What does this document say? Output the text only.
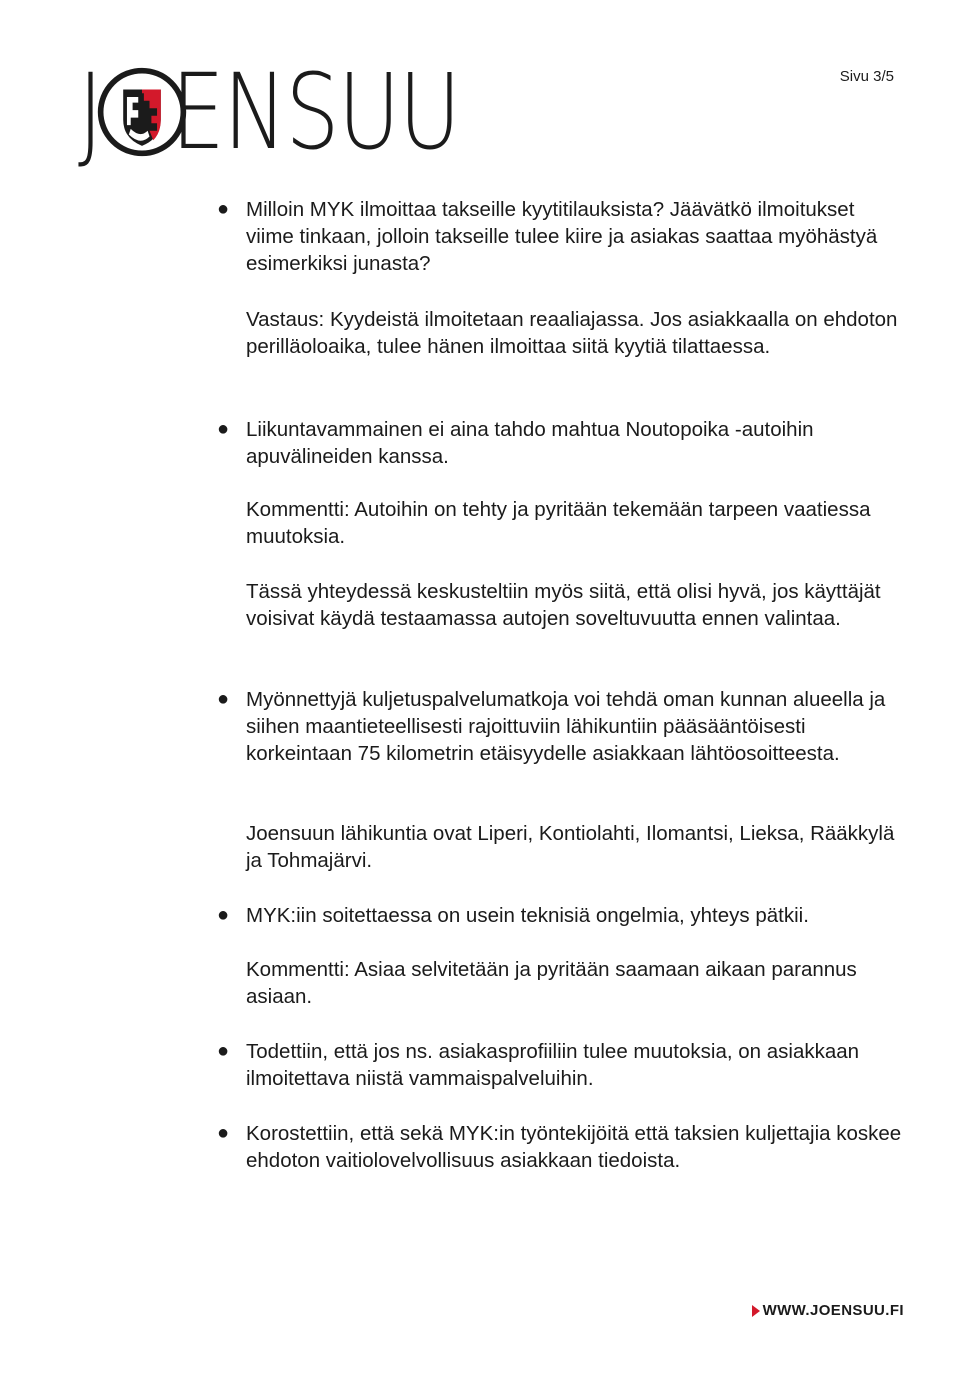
J ENSUU	Sivu 3/5
● Milloin MYK ilmoittaa takseille kyytitilauksista? Jäävätkö ilmoitukset viime tinkaan, jolloin takseille tulee kiire ja asiakas saattaa myöhästyä esimerkiksi junasta?
Vastaus: Kyydeistä ilmoitetaan reaaliajassa. Jos asiakkaalla on ehdoton perilläoloaika, tulee hänen ilmoittaa siitä kyytiä tilattaessa.
● Liikuntavammainen ei aina tahdo mahtua Noutopoika -autoihin apuvälineiden kanssa.
Kommentti: Autoihin on tehty ja pyritään tekemään tarpeen vaatiessa muutoksia.
Tässä yhteydessä keskusteltiin myös siitä, että olisi hyvä, jos käyttäjät voisivat käydä testaamassa autojen soveltuvuutta ennen valintaa.
● Myönnettyjä kuljetuspalvelumatkoja voi tehdä oman kunnan alueella ja siihen maantieteellisesti rajoittuviin lähikuntiin pääsääntöisesti korkeintaan 75 kilometrin etäisyydelle asiakkaan lähtöosoitteesta.
Joensuun lähikuntia ovat Liperi, Kontiolahti, Ilomantsi, Lieksa, Rääkkylä ja Tohmajärvi.
● MYK:iin soitettaessa on usein teknisiä ongelmia, yhteys pätkii.
Kommentti: Asiaa selvitetään ja pyritään saamaan aikaan parannus asiaan.
● Todettiin, että jos ns. asiakasprofiiliin tulee muutoksia, on asiakkaan ilmoitettava niistä vammaispalveluihin.
● Korostettiin, että sekä MYK:in työntekijöitä että taksien kuljettajia koskee ehdoton vaitiolovelvollisuus asiakkaan tiedoista.
WWW.JOENSUU.FI
